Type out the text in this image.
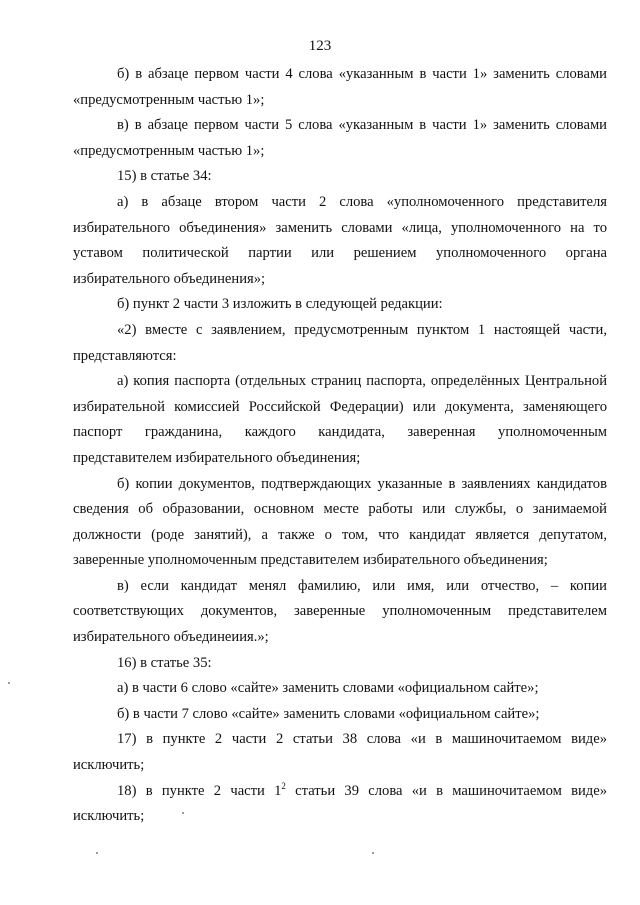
123

б) в абзаце первом части 4 слова «указанным в части 1» заменить словами «предусмотренным частью 1»;

в) в абзаце первом части 5 слова «указанным в части 1» заменить словами «предусмотренным частью 1»;

15) в статье 34:

а) в абзаце втором части 2 слова «уполномоченного представителя избирательного объединения» заменить словами «лица, уполномоченного на то уставом политической партии или решением уполномоченного органа избирательного объединения»;

б) пункт 2 части 3 изложить в следующей редакции:

«2) вместе с заявлением, предусмотренным пунктом 1 настоящей части, представляются:

а) копия паспорта (отдельных страниц паспорта, определённых Центральной избирательной комиссией Российской Федерации) или документа, заменяющего паспорт гражданина, каждого кандидата, заверенная уполномоченным представителем избирательного объединения;

б) копии документов, подтверждающих указанные в заявлениях кандидатов сведения об образовании, основном месте работы или службы, о занимаемой должности (роде занятий), а также о том, что кандидат является депутатом, заверенные уполномоченным представителем избирательного объединения;

в) если кандидат менял фамилию, или имя, или отчество, – копии соответствующих документов, заверенные уполномоченным представителем избирательного объединеиия.»;

16) в статье 35:

а) в части 6 слово «сайте» заменить словами «официальном сайте»;

б) в части 7 слово «сайте» заменить словами «официальном сайте»;

17) в пункте 2 части 2 статьи 38 слова «и в машиночитаемом виде» исключить;

18) в пункте 2 части $1^2$ статьи 39 слова «и в машиночитаемом виде» исключить;
